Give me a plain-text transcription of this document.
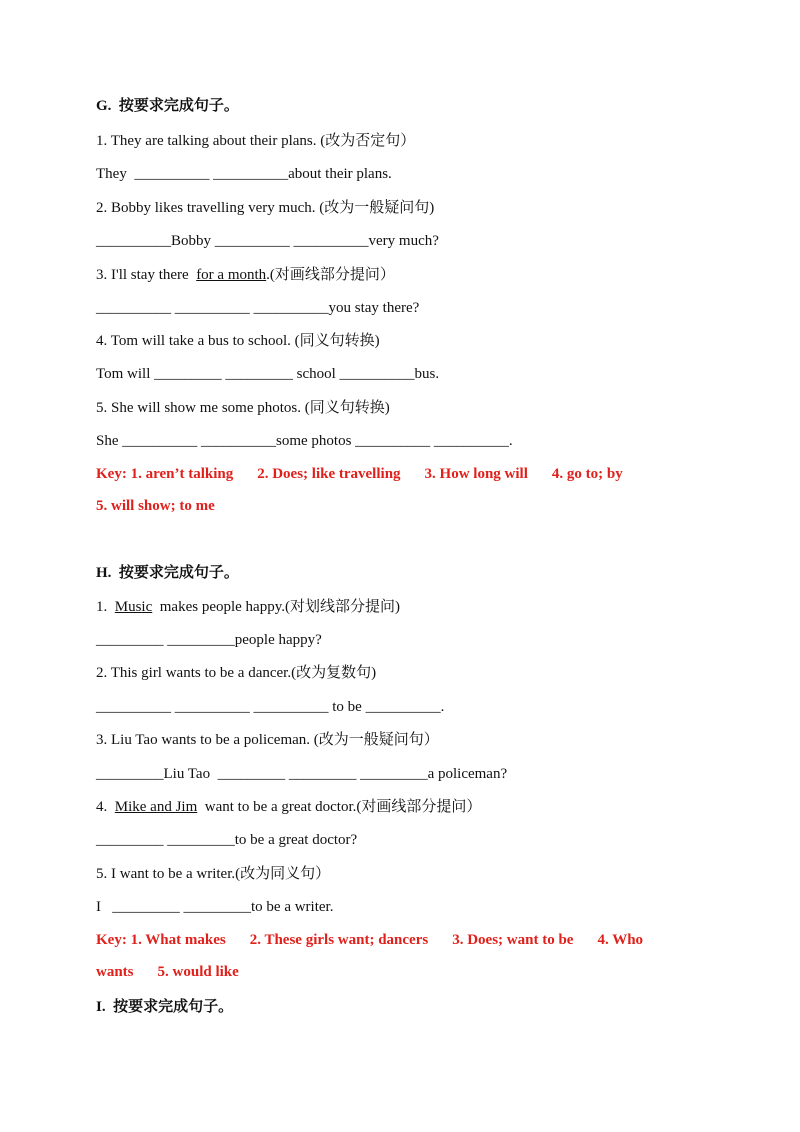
G.  按要求完成句子。
1. They are talking about their plans. (改为否定句）
They  __________ __________about their plans.
2. Bobby likes travelling very much. (改为一般疑问句)
__________Bobby __________ __________very much?
3. I'll stay there  for a month.(对画线部分提问）
__________ __________ __________you stay there?
4. Tom will take a bus to school. (同义句转换)
Tom will _________ _________ school __________bus.
5. She will show me some photos. (同义句转换)
She __________ __________some photos __________ __________.
Key: 1. aren’t talking 2. Does; like travelling 3. How long will 4. go to; by
5. will show; to me
H.  按要求完成句子。
1.  Music  makes people happy.(对划线部分提问)
_________ _________people happy?
2. This girl wants to be a dancer.(改为复数句)
__________ __________ __________ to be __________.
3. Liu Tao wants to be a policeman. (改为一般疑问句）
_________Liu Tao  _________ _________ _________a policeman?
4.  Mike and Jim  want to be a great doctor.(对画线部分提问）
_________ _________to be a great doctor?
5. I want to be a writer.(改为同义句）
I   _________ _________to be a writer.
Key: 1. What makes 2. These girls want; dancers 3. Does; want to be 4. Who
wants 5. would like
I.  按要求完成句子。
